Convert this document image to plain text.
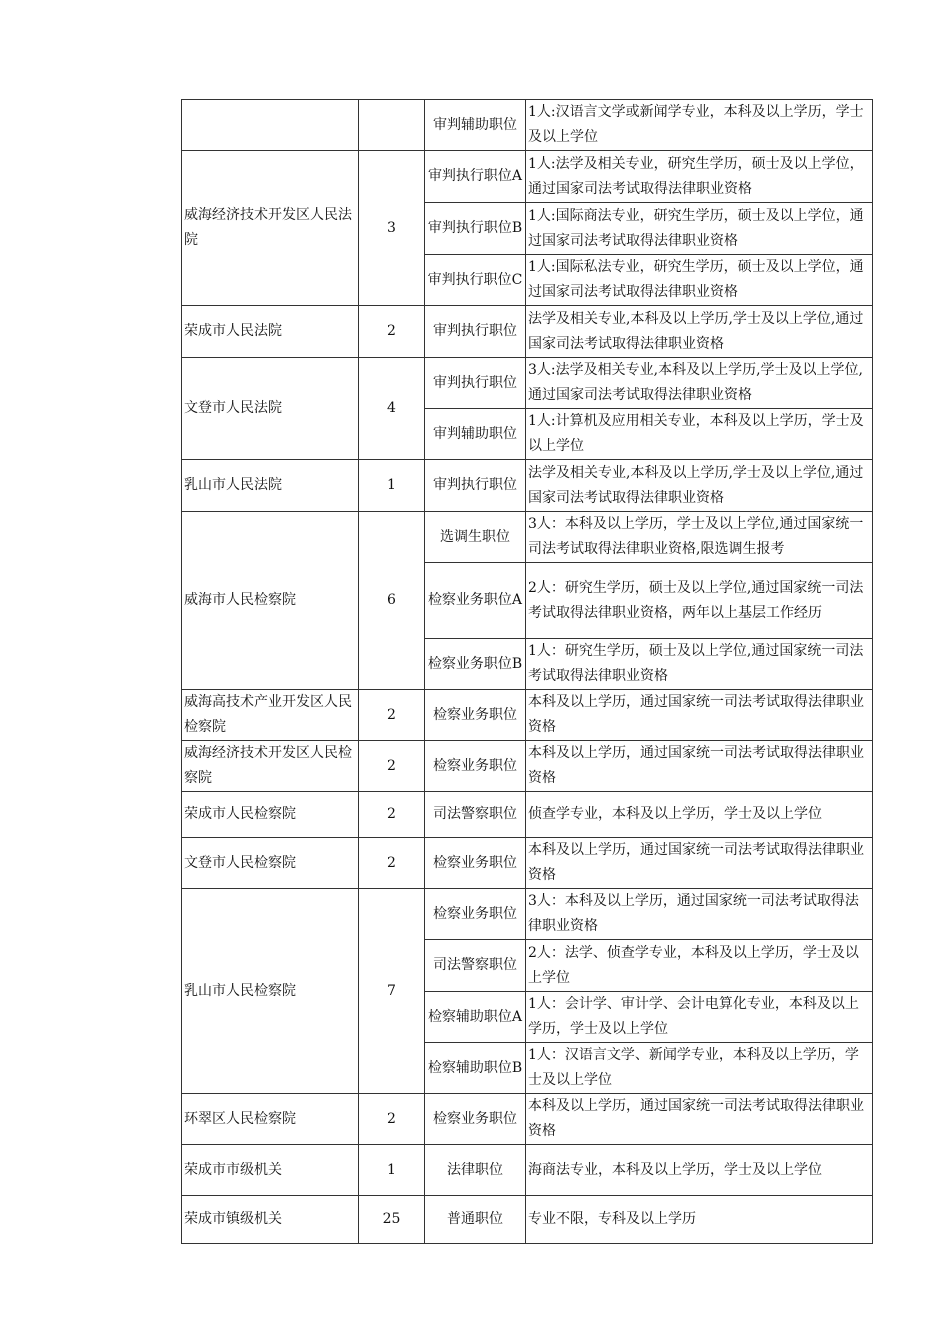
		审判辅助职位	1人:汉语言文学或新闻学专业，本科及以上学历，学士及以上学位
威海经济技术开发区人民法院	3	审判执行职位A	1人:法学及相关专业，研究生学历，硕士及以上学位，通过国家司法考试取得法律职业资格
		审判执行职位B	1人:国际商法专业，研究生学历，硕士及以上学位，通过国家司法考试取得法律职业资格
		审判执行职位C	1人:国际私法专业，研究生学历，硕士及以上学位，通过国家司法考试取得法律职业资格
荣成市人民法院	2	审判执行职位	法学及相关专业,本科及以上学历,学士及以上学位,通过国家司法考试取得法律职业资格
文登市人民法院	4	审判执行职位	3人:法学及相关专业,本科及以上学历,学士及以上学位,通过国家司法考试取得法律职业资格
		审判辅助职位	1人:计算机及应用相关专业，本科及以上学历，学士及以上学位
乳山市人民法院	1	审判执行职位	法学及相关专业,本科及以上学历,学士及以上学位,通过国家司法考试取得法律职业资格
威海市人民检察院	6	选调生职位	3人：本科及以上学历，学士及以上学位,通过国家统一司法考试取得法律职业资格,限选调生报考
		检察业务职位A	2人：研究生学历，硕士及以上学位,通过国家统一司法考试取得法律职业资格，两年以上基层工作经历
		检察业务职位B	1人：研究生学历，硕士及以上学位,通过国家统一司法考试取得法律职业资格
威海高技术产业开发区人民检察院	2	检察业务职位	本科及以上学历，通过国家统一司法考试取得法律职业资格
威海经济技术开发区人民检察院	2	检察业务职位	本科及以上学历，通过国家统一司法考试取得法律职业资格
荣成市人民检察院	2	司法警察职位	侦查学专业，本科及以上学历，学士及以上学位
文登市人民检察院	2	检察业务职位	本科及以上学历，通过国家统一司法考试取得法律职业资格
乳山市人民检察院	7	检察业务职位	3人：本科及以上学历，通过国家统一司法考试取得法律职业资格
		司法警察职位	2人：法学、侦查学专业，本科及以上学历，学士及以上学位
		检察辅助职位A	1人：会计学、审计学、会计电算化专业，本科及以上学历，学士及以上学位
		检察辅助职位B	1人：汉语言文学、新闻学专业，本科及以上学历，学士及以上学位
环翠区人民检察院	2	检察业务职位	本科及以上学历，通过国家统一司法考试取得法律职业资格
荣成市市级机关	1	法律职位	海商法专业，本科及以上学历，学士及以上学位
荣成市镇级机关	25	普通职位	专业不限，专科及以上学历
